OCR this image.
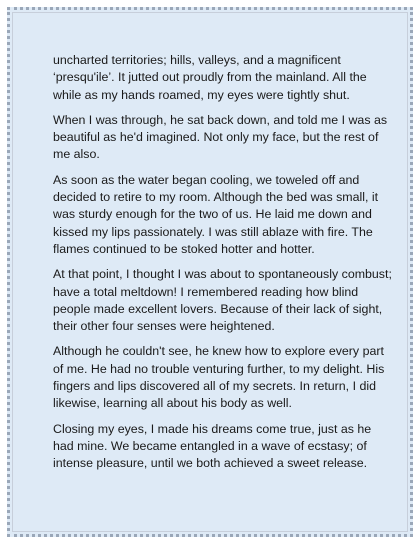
uncharted territories; hills, valleys, and a magnificent ‘presqu'ile’. It jutted out proudly from the mainland. All the while as my hands roamed, my eyes were tightly shut.

When I was through, he sat back down, and told me I was as beautiful as he'd imagined. Not only my face, but the rest of me also.

As soon as the water began cooling, we toweled off and decided to retire to my room. Although the bed was small, it was sturdy enough for the two of us. He laid me down and kissed my lips passionately. I was still ablaze with fire. The flames continued to be stoked hotter and hotter.

At that point, I thought I was about to spontaneously combust; have a total meltdown! I remembered reading how blind people made excellent lovers. Because of their lack of sight, their other four senses were heightened.

Although he couldn't see, he knew how to explore every part of me. He had no trouble venturing further, to my delight. His fingers and lips discovered all of my secrets. In return, I did likewise, learning all about his body as well.

Closing my eyes, I made his dreams come true, just as he had mine. We became entangled in a wave of ecstasy; of intense pleasure, until we both achieved a sweet release.
